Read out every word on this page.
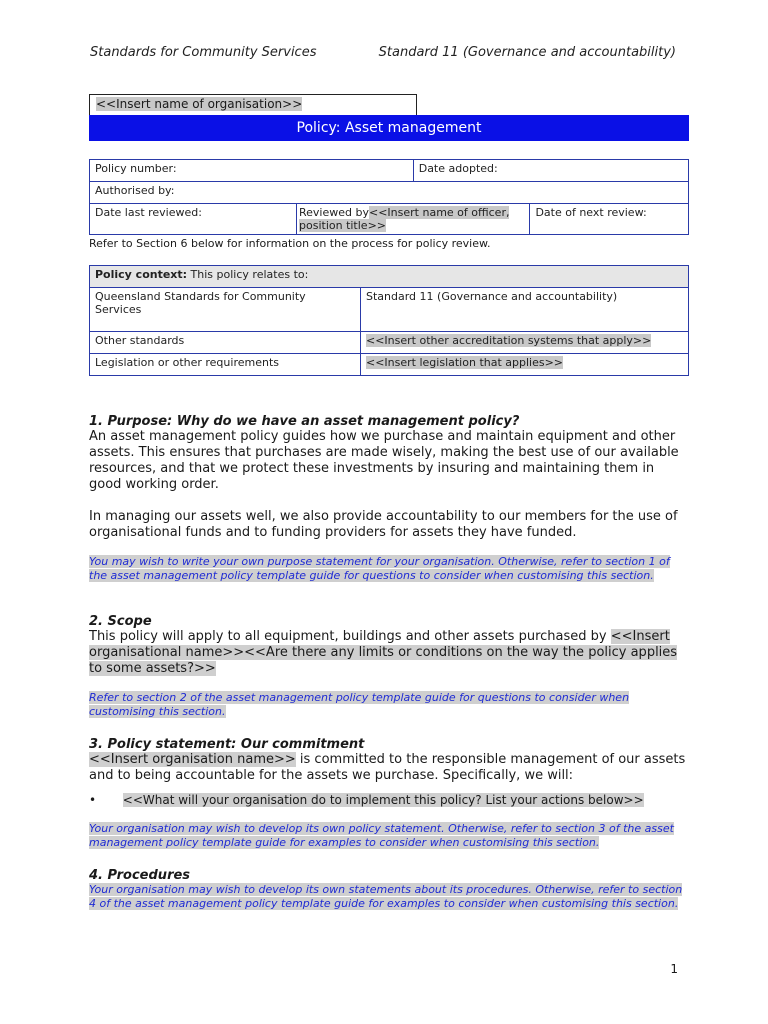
Standards for Community Services	Standard 11 (Governance and accountability)
<<Insert name of organisation>>
Policy: Asset management
Policy number:		Date adopted:	
Authorised by:			
Date last reviewed:	Reviewed by<<Insert name of officer, position title>>		Date of next review:
Refer to Section 6 below for information on the process for policy review.
Policy context: This policy relates to:	
Queensland Standards for Community Services	Standard 11 (Governance and accountability)
Other standards	<<Insert other accreditation systems that apply>>
Legislation or other requirements	<<Insert legislation that applies>>
1. Purpose: Why do we have an asset management policy?

An asset management policy guides how we purchase and maintain equipment and other assets. This ensures that purchases are made wisely, making the best use of our available resources, and that we protect these investments by insuring and maintaining them in good working order.

In managing our assets well, we also provide accountability to our members for the use of organisational funds and to funding providers for assets they have funded.

You may wish to write your own purpose statement for your organisation. Otherwise, refer to section 1 of the asset management policy template guide for questions to consider when customising this section.

2. Scope

This policy will apply to all equipment, buildings and other assets purchased by <<Insert organisational name>><<Are there any limits or conditions on the way the policy applies to some assets?>>

Refer to section 2 of the asset management policy template guide for questions to consider when customising this section.

3. Policy statement: Our commitment

<<Insert organisation name>> is committed to the responsible management of our assets and to being accountable for the assets we purchase. Specifically, we will:

•       <<What will your organisation do to implement this policy? List your actions below>>

Your organisation may wish to develop its own policy statement. Otherwise, refer to section 3 of the asset management policy template guide for examples to consider when customising this section.

4. Procedures

Your organisation may wish to develop its own statements about its procedures. Otherwise, refer to section 4 of the asset management policy template guide for examples to consider when customising this section.

1
